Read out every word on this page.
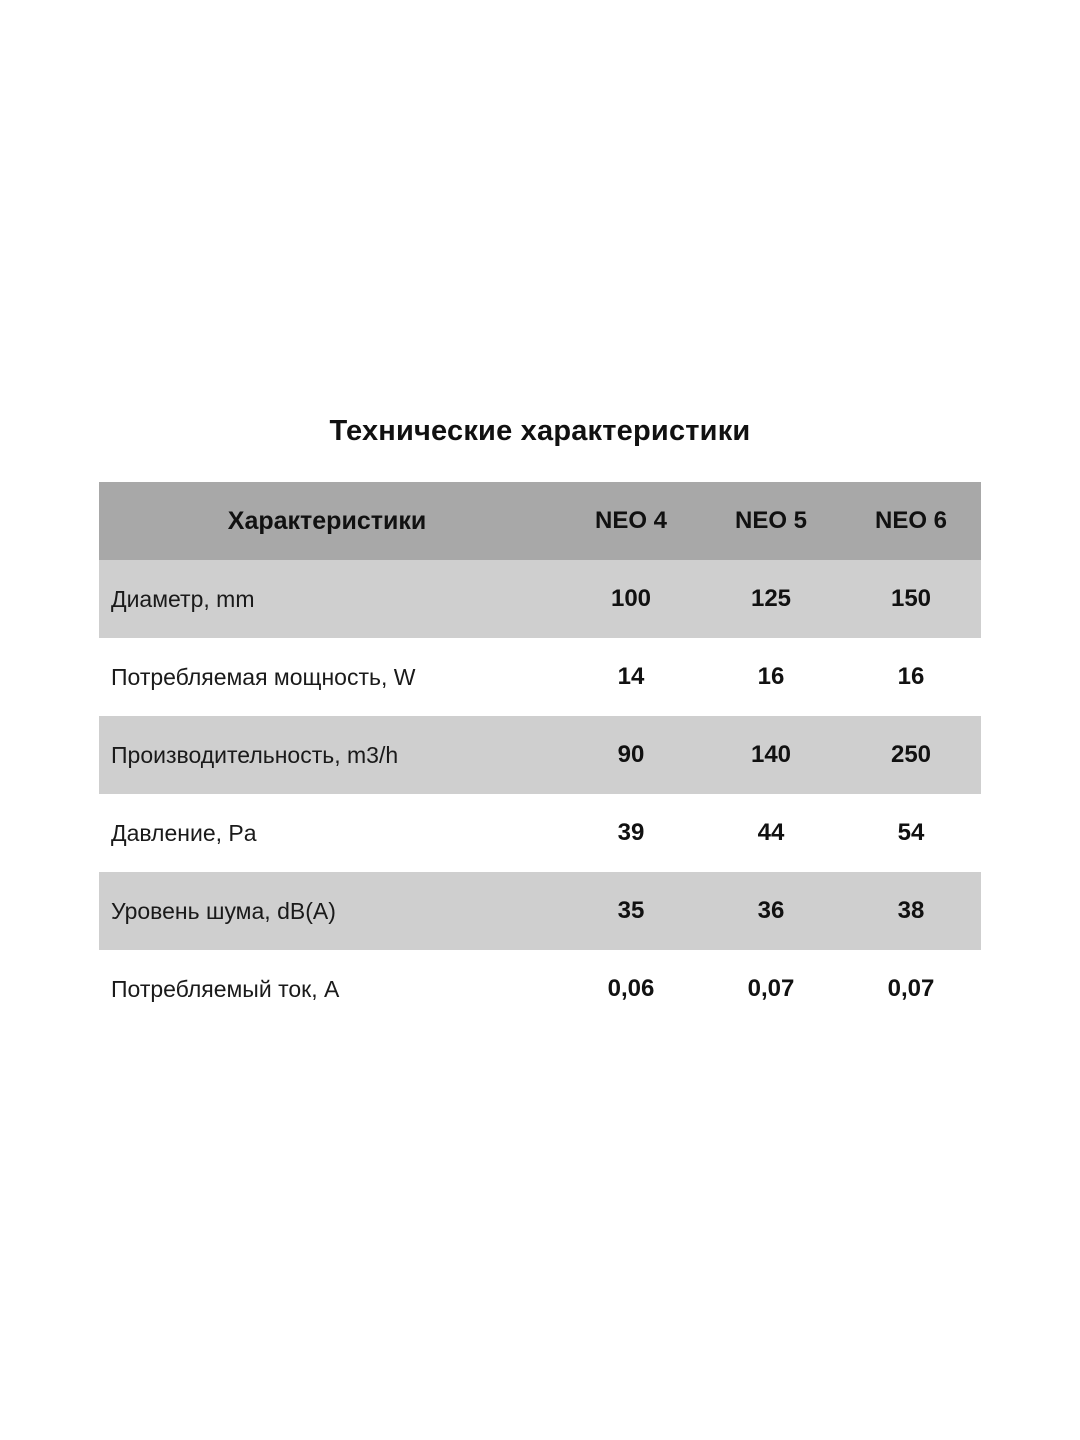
Технические характеристики
Характеристики	NEO 4	NEO 5	NEO 6
Диаметр, mm	100	125	150
Потребляемая мощность, W	14	16	16
Производительность, m3/h	90	140	250
Давление, Pa	39	44	54
Уровень шума, dB(A)	35	36	38
Потребляемый ток, A	0,06	0,07	0,07
